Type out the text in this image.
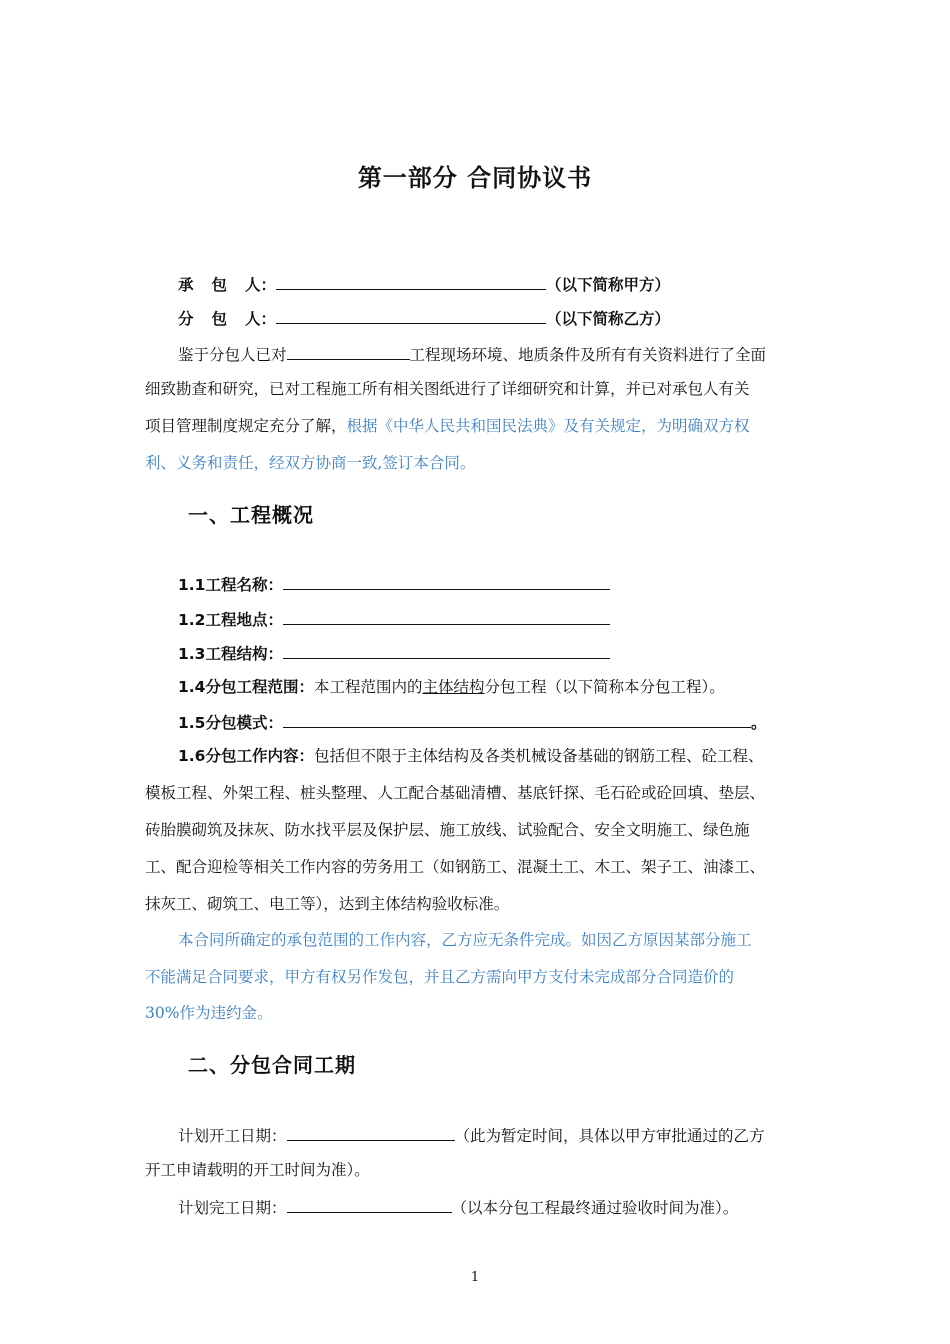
第一部分 合同协议书
承包人：	（以下简称甲方）
分包人：	（以下简称乙方）
鉴于分包人已对	工程现场环境、地质条件及所有有关资料进行了全面
细致勘查和研究，已对工程施工所有相关图纸进行了详细研究和计算，并已对承包人有关
项目管理制度规定充分了解，根据《中华人民共和国民法典》及有关规定，为明确双方权
利、义务和责任，经双方协商一致,签订本合同。
一、工程概况
1.1工程名称：
1.2工程地点：
1.3工程结构：
1.4分包工程范围：本工程范围内的主体结构分包工程（以下简称本分包工程）。
1.5分包模式：	。
1.6分包工作内容：包括但不限于主体结构及各类机械设备基础的钢筋工程、砼工程、
模板工程、外架工程、桩头整理、人工配合基础清槽、基底钎探、毛石砼或砼回填、垫层、
砖胎膜砌筑及抹灰、防水找平层及保护层、施工放线、试验配合、安全文明施工、绿色施
工、配合迎检等相关工作内容的劳务用工（如钢筋工、混凝土工、木工、架子工、油漆工、
抹灰工、砌筑工、电工等），达到主体结构验收标准。
本合同所确定的承包范围的工作内容，乙方应无条件完成。如因乙方原因某部分施工
不能满足合同要求，甲方有权另作发包，并且乙方需向甲方支付未完成部分合同造价的
30%作为违约金。
二、分包合同工期
计划开工日期：	（此为暂定时间，具体以甲方审批通过的乙方
开工申请载明的开工时间为准）。
计划完工日期：	（以本分包工程最终通过验收时间为准）。
1
